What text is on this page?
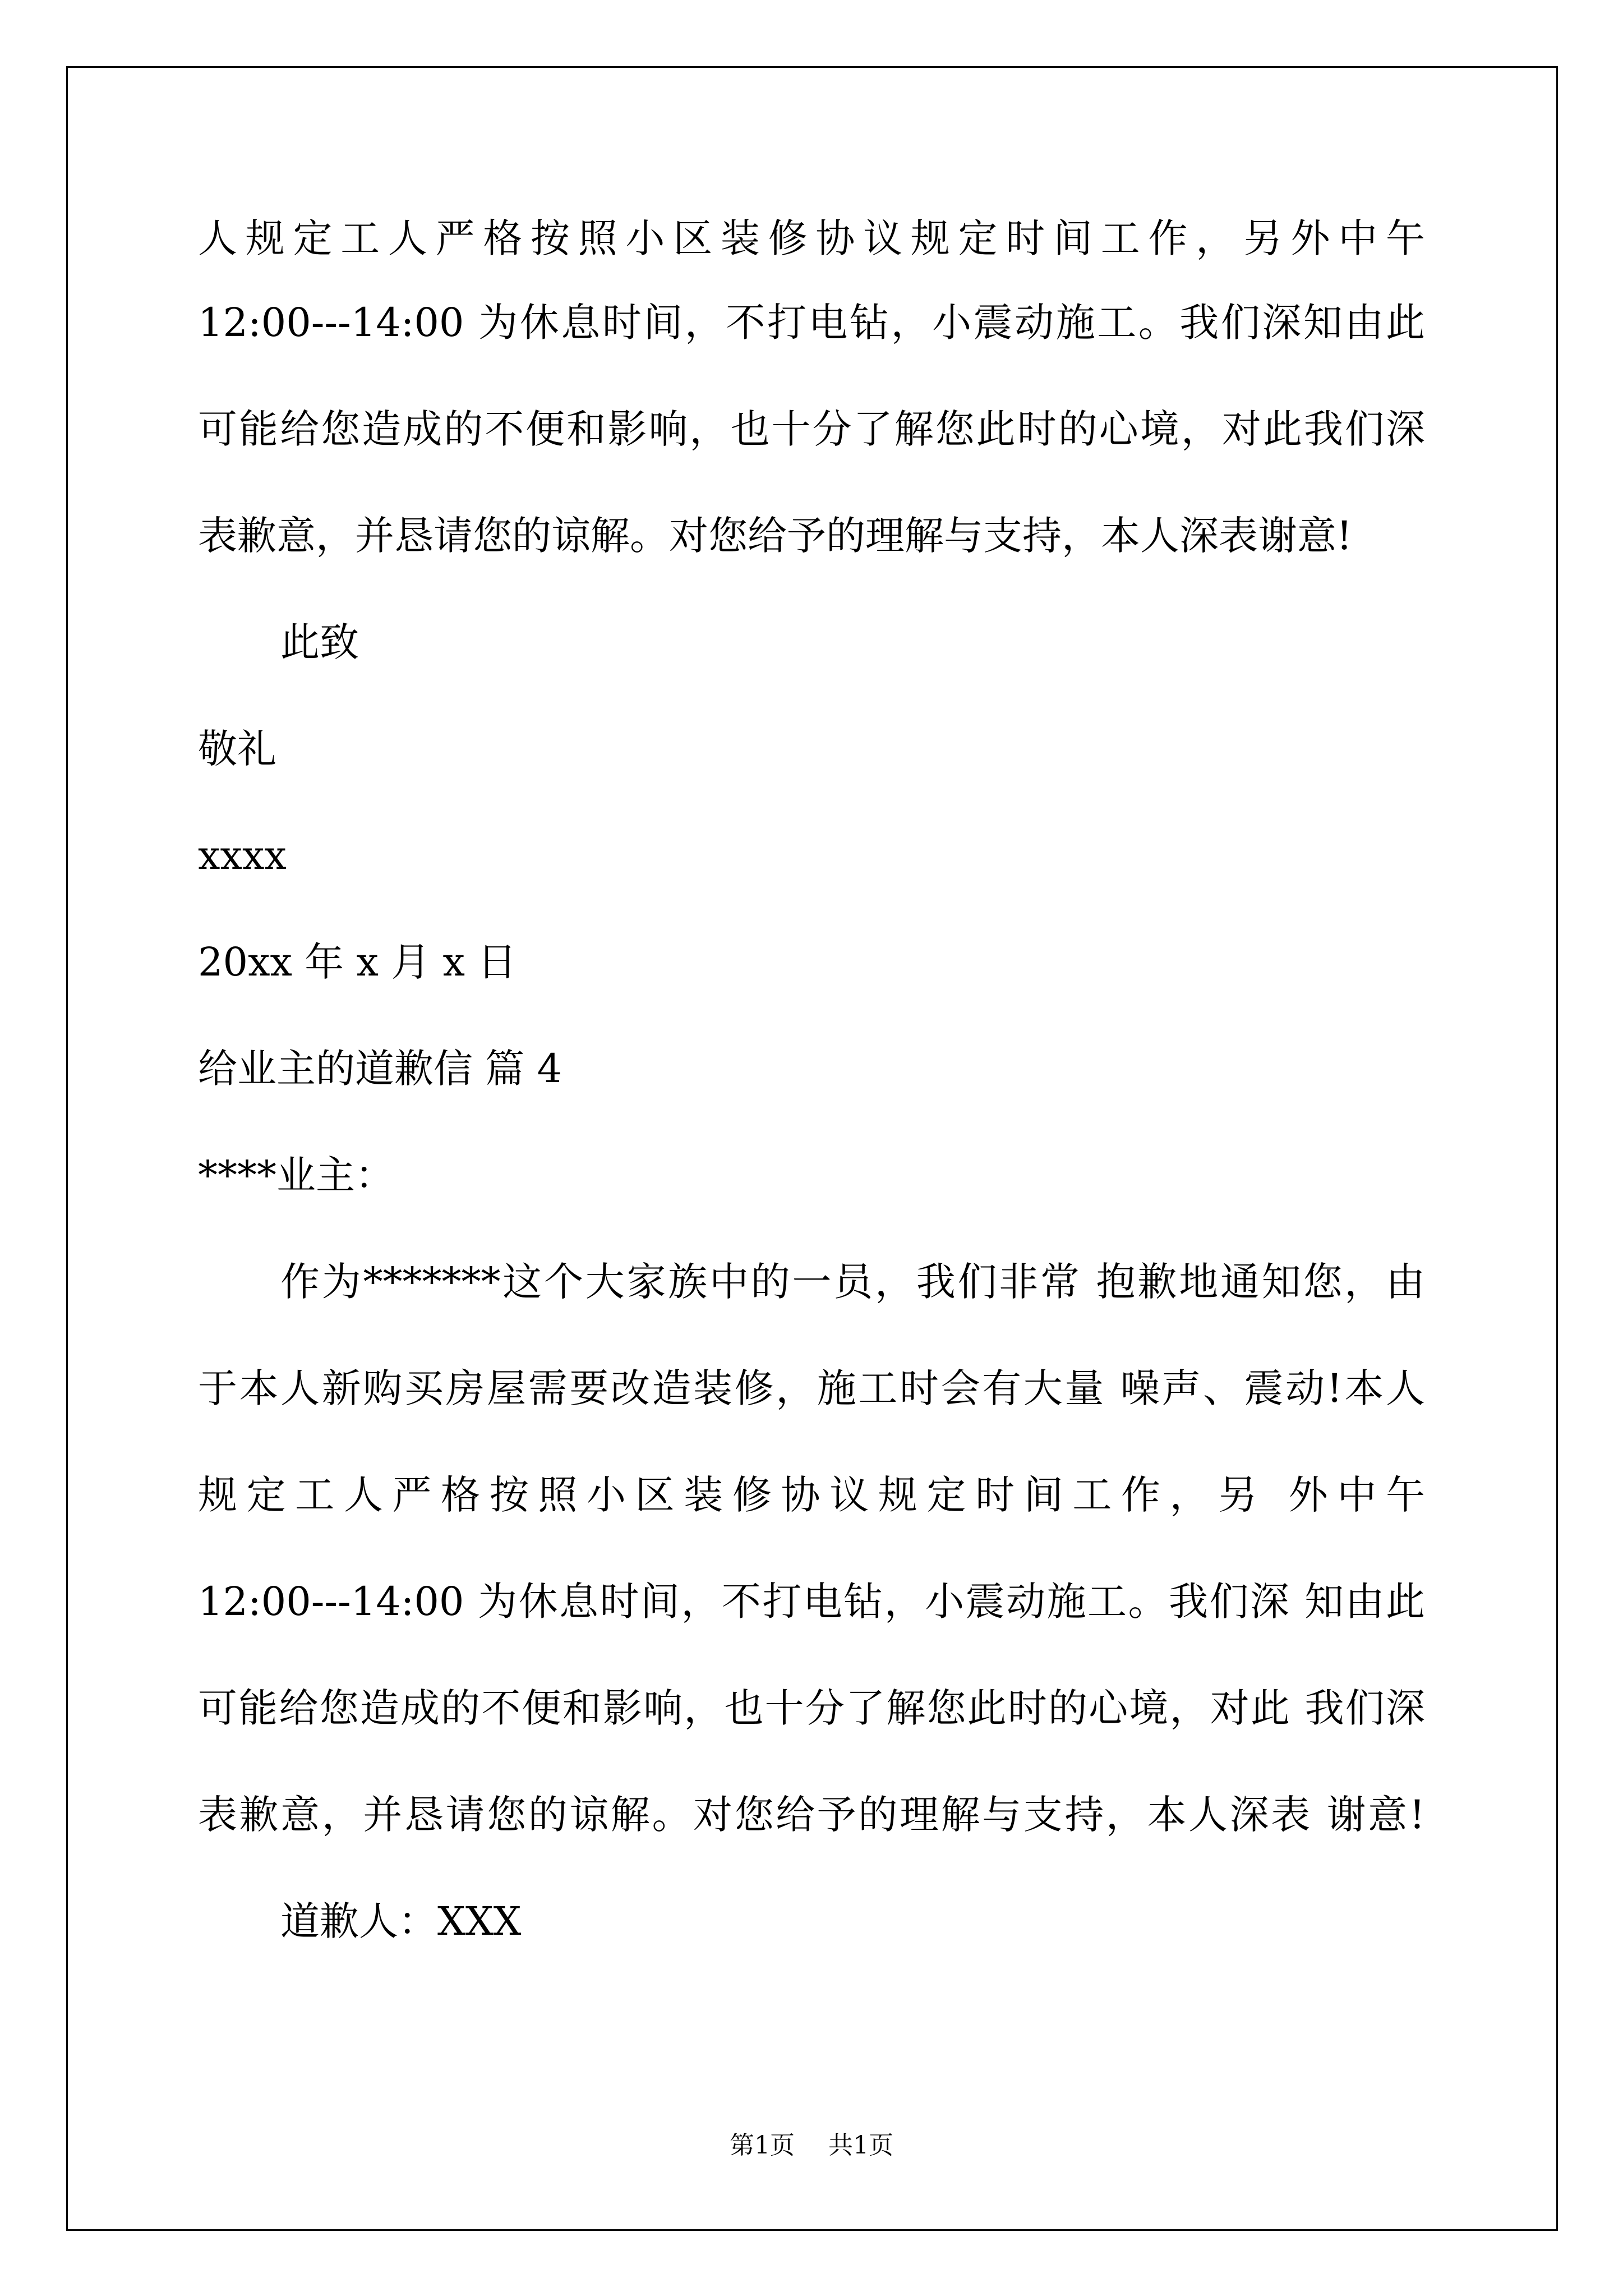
人规定工人严格按照小区装修协议规定时间工作，另外中午
12:00---14:00 为休息时间，不打电钻，小震动施工。我们深知由此
可能给您造成的不便和影响，也十分了解您此时的心境，对此我们深
表歉意，并恳请您的谅解。对您给予的理解与支持，本人深表谢意!
此致
敬礼
xxxx
20xx 年 x 月 x 日
给业主的道歉信 篇 4
****业主：
作为*******这个大家族中的一员，我们非常 抱歉地通知您，由
于本人新购买房屋需要改造装修，施工时会有大量 噪声、震动!本人
规定工人严格按照小区装修协议规定时间工作，另 外中午
12:00---14:00 为休息时间，不打电钻，小震动施工。我们深 知由此
可能给您造成的不便和影响，也十分了解您此时的心境，对此 我们深
表歉意，并恳请您的谅解。对您给予的理解与支持，本人深表 谢意!
道歉人：XXX
第1页 共1页
